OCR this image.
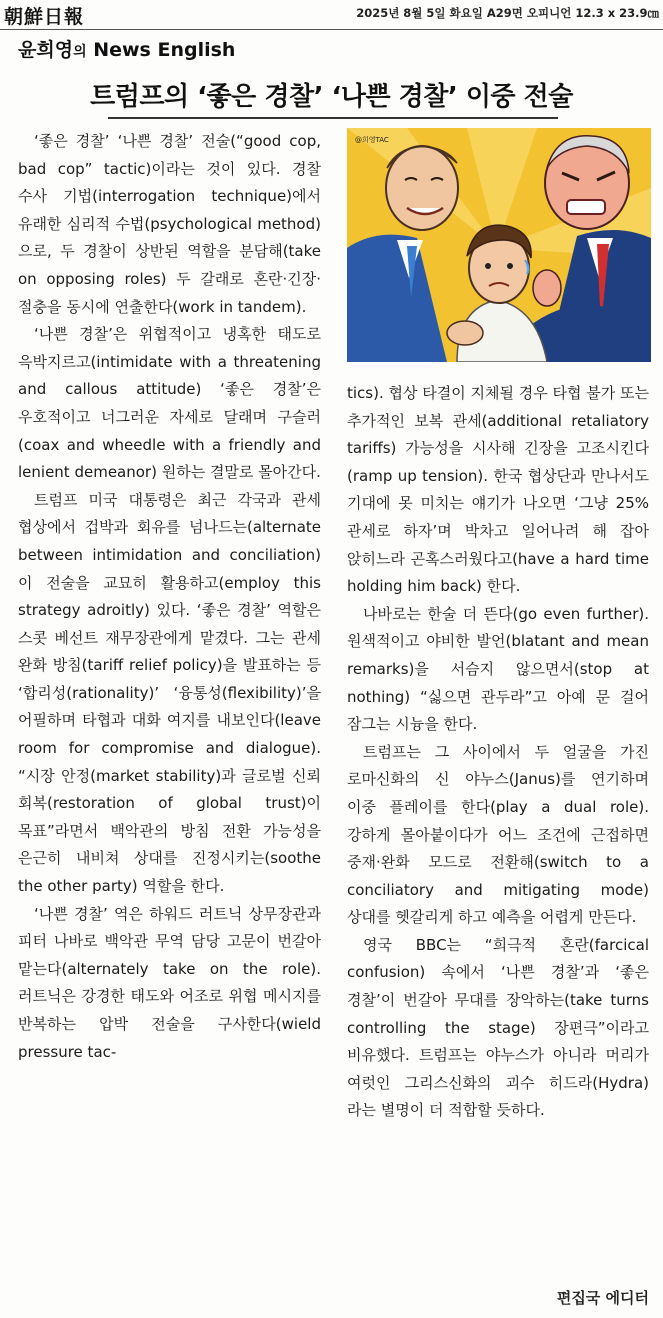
朝鮮日報	2025년 8월 5일 화요일 A29면 오피니언 12.3 x 23.9㎝
윤희영의 News English
트럼프의 ‘좋은 경찰’ ‘나쁜 경찰’ 이중 전술

‘좋은 경찰’ ‘나쁜 경찰’ 전술(“good cop, bad cop” tactic)이라는 것이 있다. 경찰 수사 기법(interrogation technique)에서 유래한 심리적 수법(psychological method)으로, 두 경찰이 상반된 역할을 분담해(take on opposing roles) 두 갈래로 혼란·긴장·절충을 동시에 연출한다(work in tandem).

‘나쁜 경찰’은 위협적이고 냉혹한 태도로 윽박지르고(intimidate with a threatening and callous attitude) ‘좋은 경찰’은 우호적이고 너그러운 자세로 달래며 구슬러(coax and wheedle with a friendly and lenient demeanor) 원하는 결말로 몰아간다.

트럼프 미국 대통령은 최근 각국과 관세 협상에서 겁박과 회유를 넘나드는(alternate between intimidation and conciliation) 이 전술을 교묘히 활용하고(employ this strategy adroitly) 있다. ‘좋은 경찰’ 역할은 스콧 베선트 재무장관에게 맡겼다. 그는 관세 완화 방침(tariff relief policy)을 발표하는 등 ‘합리성(rationality)’ ‘융통성(flexibility)’을 어필하며 타협과 대화 여지를 내보인다(leave room for compromise and dialogue). “시장 안정(market stability)과 글로벌 신뢰 회복(restoration of global trust)이 목표”라면서 백악관의 방침 전환 가능성을 은근히 내비쳐 상대를 진정시키는(soothe the other party) 역할을 한다.

‘나쁜 경찰’ 역은 하워드 러트닉 상무장관과 피터 나바로 백악관 무역 담당 고문이 번갈아 맡는다(alternately take on the role). 러트닉은 강경한 태도와 어조로 위협 메시지를 반복하는 압박 전술을 구사한다(wield pressure tac-

@희영TAC

tics). 협상 타결이 지체될 경우 타협 불가 또는 추가적인 보복 관세(additional retaliatory tariffs) 가능성을 시사해 긴장을 고조시킨다(ramp up tension). 한국 협상단과 만나서도 기대에 못 미치는 얘기가 나오면 ‘그냥 25% 관세로 하자’며 박차고 일어나려 해 잡아 앉히느라 곤혹스러웠다고(have a hard time holding him back) 한다.

나바로는 한술 더 뜬다(go even further). 원색적이고 야비한 발언(blatant and mean remarks)을 서슴지 않으면서(stop at nothing) “싫으면 관두라”고 아예 문 걸어 잠그는 시늉을 한다.

트럼프는 그 사이에서 두 얼굴을 가진 로마신화의 신 야누스(Janus)를 연기하며 이중 플레이를 한다(play a dual role). 강하게 몰아붙이다가 어느 조건에 근접하면 중재·완화 모드로 전환해(switch to a conciliatory and mitigating mode) 상대를 헷갈리게 하고 예측을 어렵게 만든다.

영국 BBC는 “희극적 혼란(farcical confusion) 속에서 ‘나쁜 경찰’과 ‘좋은 경찰’이 번갈아 무대를 장악하는(take turns controlling the stage) 장편극”이라고 비유했다. 트럼프는 야누스가 아니라 머리가 여럿인 그리스신화의 괴수 히드라(Hydra)라는 별명이 더 적합할 듯하다.

편집국 에디터
